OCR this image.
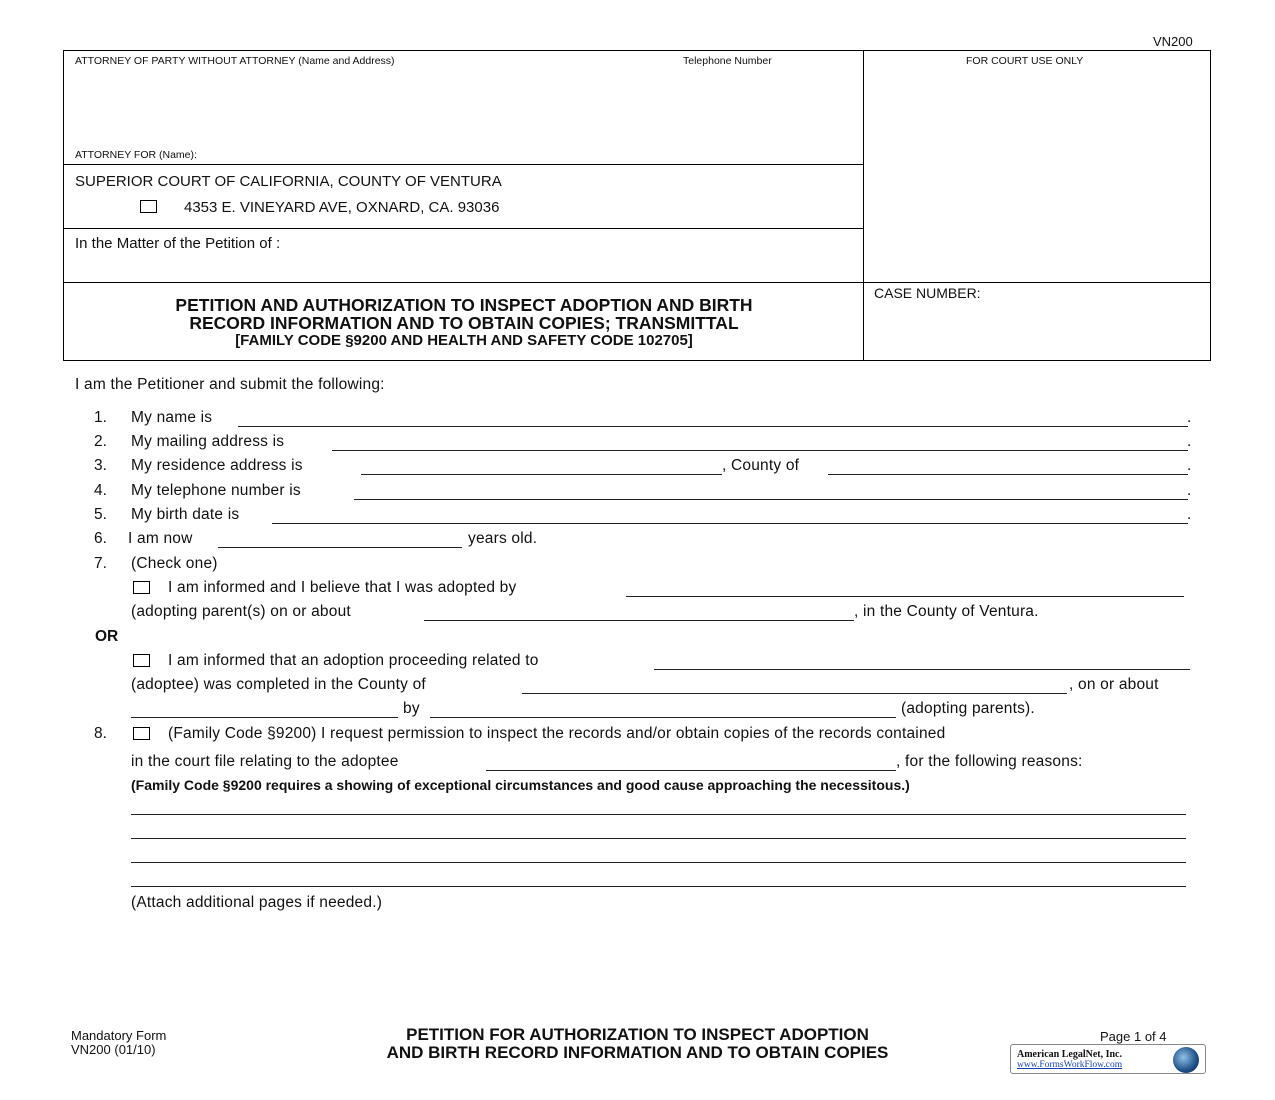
VN200
ATTORNEY OF PARTY WITHOUT ATTORNEY (Name and Address)	Telephone Number	FOR COURT USE ONLY
ATTORNEY FOR (Name):
SUPERIOR COURT OF CALIFORNIA, COUNTY OF VENTURA
4353 E. VINEYARD AVE, OXNARD, CA. 93036
In the Matter of the Petition of :
CASE NUMBER:
PETITION AND AUTHORIZATION TO INSPECT ADOPTION AND BIRTH
RECORD INFORMATION AND TO OBTAIN COPIES; TRANSMITTAL
[FAMILY CODE §9200 AND HEALTH AND SAFETY CODE 102705]
I am the Petitioner and submit the following:
1. My name is	.
2. My mailing address is	.
3. My residence address is	, County of	.
4. My telephone number is	.
5. My birth date is	.
6. I am now	years old.
7. (Check one)
I am informed and I believe that I was adopted by
(adopting parent(s) on or about	, in the County of Ventura.
OR
I am informed that an adoption proceeding related to
(adoptee) was completed in the County of	, on or about
by	(adopting parents).
8.	(Family Code §9200) I request permission to inspect the records and/or obtain copies of the records contained
in the court file relating to the adoptee	, for the following reasons:
(Family Code §9200 requires a showing of exceptional circumstances and good cause approaching the necessitous.)
(Attach additional pages if needed.)
Mandatory Form
VN200 (01/10)
PETITION FOR AUTHORIZATION TO INSPECT ADOPTION
AND BIRTH RECORD INFORMATION AND TO OBTAIN COPIES
Page 1 of 4
American LegalNet, Inc.
www.FormsWorkFlow.com
